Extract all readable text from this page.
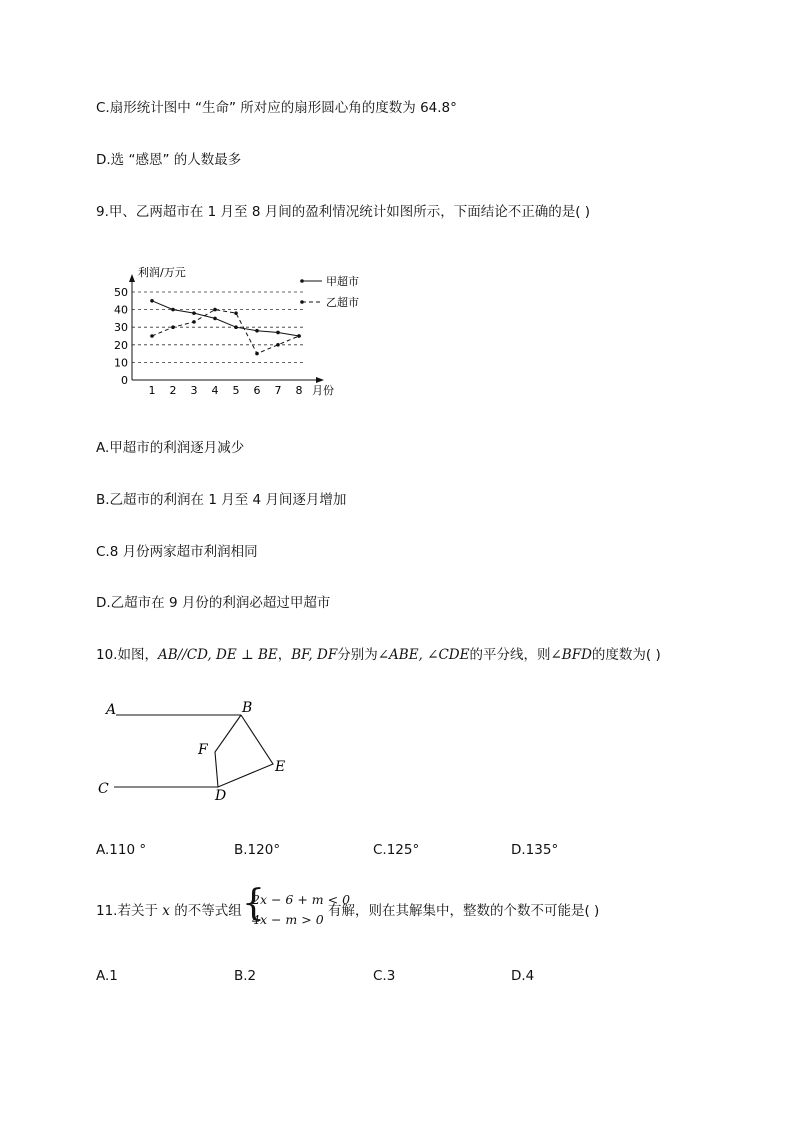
C.扇形统计图中 “生命” 所对应的扇形圆心角的度数为 64.8°
D.选 “感恩” 的人数最多
9.甲、乙两超市在 1 月至 8 月间的盈利情况统计如图所示，下面结论不正确的是( )
0
10
20
30
40
50
1 2 3 4 5 6 7 8
利润/万元
月份
甲超市
乙超市
A.甲超市的利润逐月减少
B.乙超市的利润在 1 月至 4 月间逐月增加
C.8 月份两家超市利润相同
D.乙超市在 9 月份的利润必超过甲超市
10.如图，AB//CD, DE ⊥ BE，BF, DF分别为∠ABE, ∠CDE的平分线，则∠BFD的度数为( )
A	B
F
E
C	D
A.110 °	B.120°	C.125°	D.135°
11.若关于 x 的不等式组 {
2x − 6 + m < 0
4x − m > 0
有解，则在其解集中，整数的个数不可能是( )
A.1	B.2	C.3	D.4
